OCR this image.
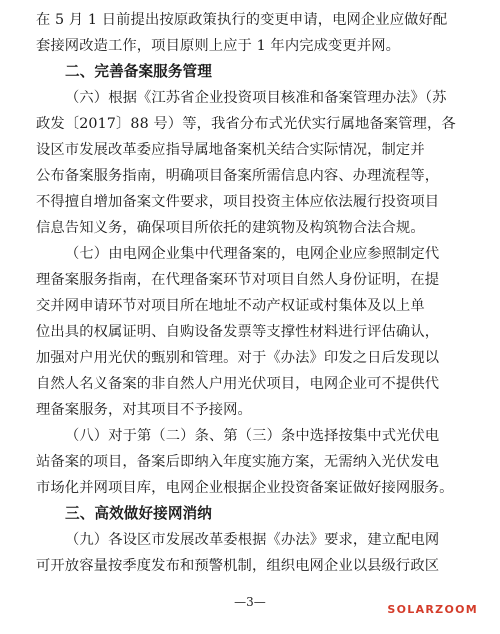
在 5 月 1 日前提出按原政策执行的变更申请，电网企业应做好配
套接网改造工作，项目原则上应于 1 年内完成变更并网。
二、完善备案服务管理
（六）根据《江苏省企业投资项目核准和备案管理办法》（苏
政发〔2017〕88 号）等，我省分布式光伏实行属地备案管理，各
设区市发展改革委应指导属地备案机关结合实际情况，制定并
公布备案服务指南，明确项目备案所需信息内容、办理流程等，
不得擅自增加备案文件要求，项目投资主体应依法履行投资项目
信息告知义务，确保项目所依托的建筑物及构筑物合法合规。
（七）由电网企业集中代理备案的，电网企业应参照制定代
理备案服务指南，在代理备案环节对项目自然人身份证明，在提
交并网申请环节对项目所在地址不动产权证或村集体及以上单
位出具的权属证明、自购设备发票等支撑性材料进行评估确认，
加强对户用光伏的甄别和管理。对于《办法》印发之日后发现以
自然人名义备案的非自然人户用光伏项目，电网企业可不提供代
理备案服务，对其项目不予接网。
（八）对于第（二）条、第（三）条中选择按集中式光伏电
站备案的项目，备案后即纳入年度实施方案，无需纳入光伏发电
市场化并网项目库，电网企业根据企业投资备案证做好接网服务。
三、高效做好接网消纳
（九）各设区市发展改革委根据《办法》要求，建立配电网
可开放容量按季度发布和预警机制，组织电网企业以县级行政区
—3—
SOLARZOOM
